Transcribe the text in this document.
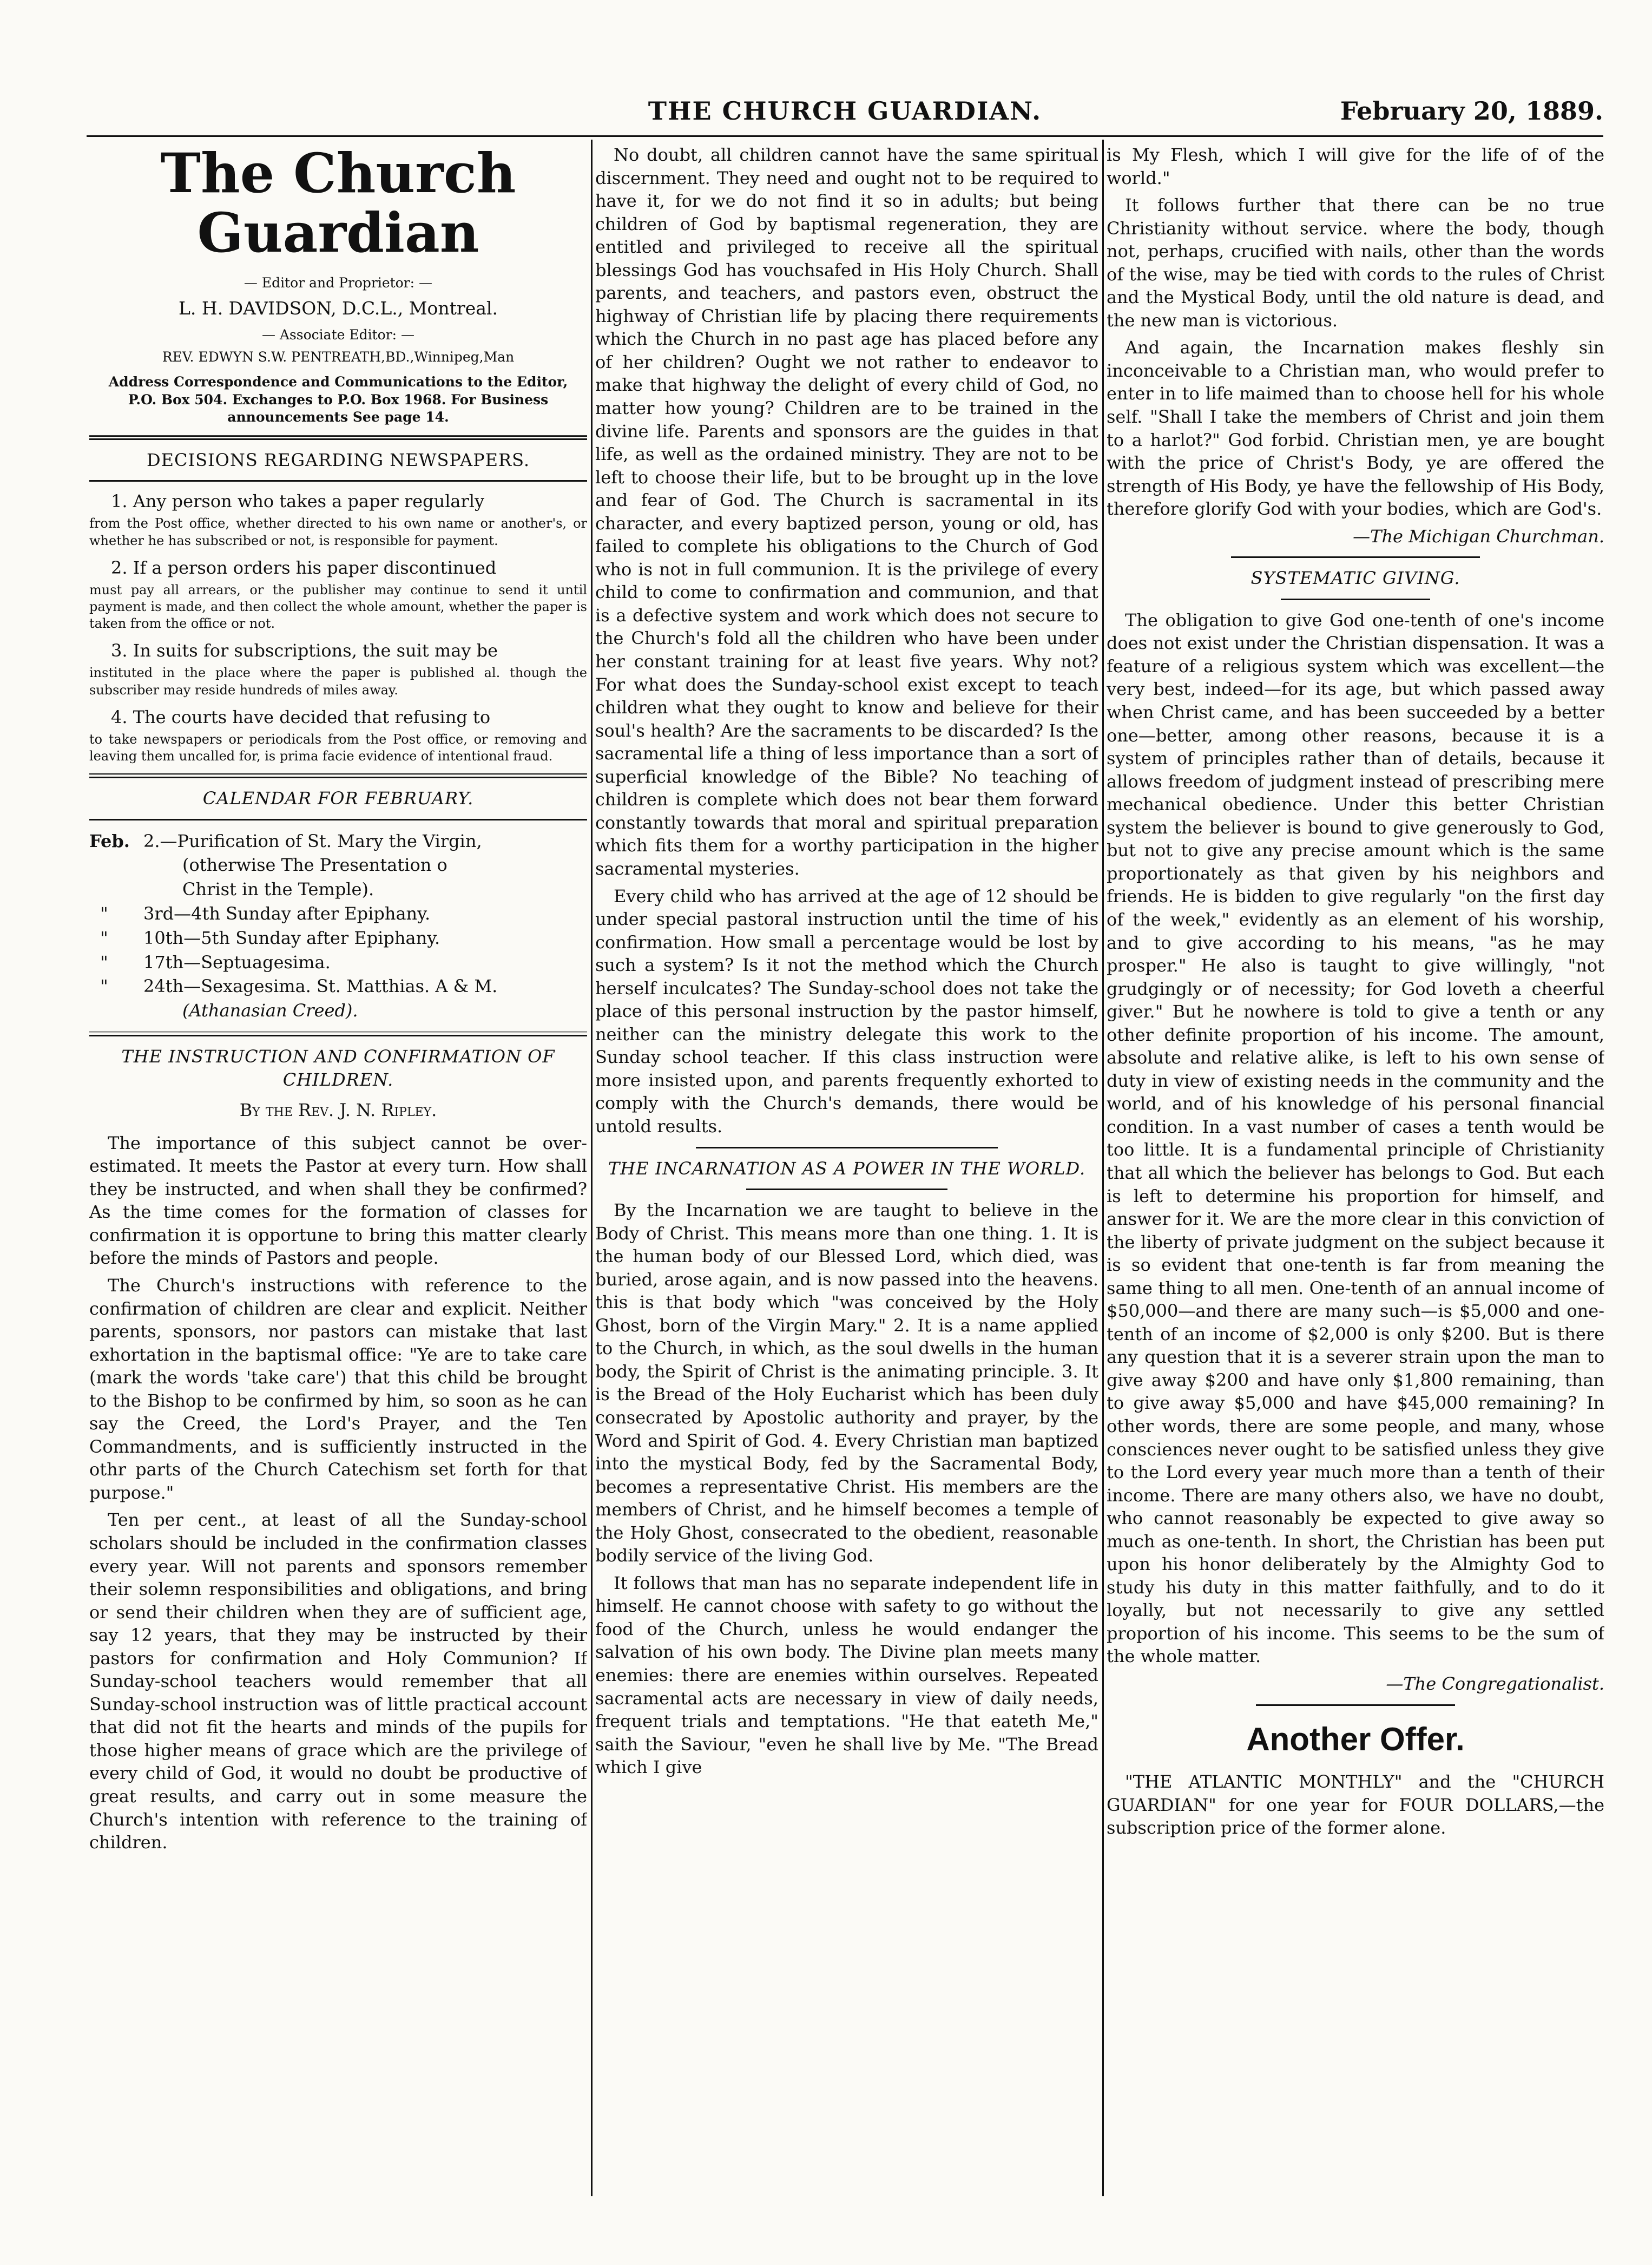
THE CHURCH GUARDIAN.	February 20, 1889.
The Church Guardian
— Editor and Proprietor: —
L. H. DAVIDSON, D.C.L., Montreal.
— Associate Editor: —
REV. EDWYN S.W. PENTREATH,BD.,Winnipeg,Man
Address Correspondence and Communications to the Editor, P.O. Box 504. Exchanges to P.O. Box 1968. For Business announcements See page 14.
DECISIONS REGARDING NEWSPAPERS.
1. Any person who takes a paper regularly
from the Post office, whether directed to his own name or another's, or whether he has subscribed or not, is responsible for payment.
2. If a person orders his paper discontinued
must pay all arrears, or the publisher may continue to send it until payment is made, and then collect the whole amount, whether the paper is taken from the office or not.
3. In suits for subscriptions, the suit may be
instituted in the place where the paper is published al. though the subscriber may reside hundreds of miles away.
4. The courts have decided that refusing to
to take newspapers or periodicals from the Post office, or removing and leaving them uncalled for, is prima facie evidence of intentional fraud.
CALENDAR FOR FEBRUARY.
Feb. 2.—Purification of St. Mary the Virgin,
(otherwise The Presentation o
Christ in the Temple).
"	3rd—4th Sunday after Epiphany.
"	10th—5th Sunday after Epiphany.
"	17th—Septuagesima.
"	24th—Sexagesima. St. Matthias. A & M.
(Athanasian Creed).
THE INSTRUCTION AND CONFIRMATION OF CHILDREN.
By the Rev. J. N. Ripley.

The importance of this subject cannot be over-estimated. It meets the Pastor at every turn. How shall they be instructed, and when shall they be confirmed? As the time comes for the formation of classes for confirmation it is opportune to bring this matter clearly before the minds of Pastors and people.

The Church's instructions with reference to the confirmation of children are clear and explicit. Neither parents, sponsors, nor pastors can mistake that last exhortation in the baptismal office: "Ye are to take care (mark the words 'take care') that this child be brought to the Bishop to be confirmed by him, so soon as he can say the Creed, the Lord's Prayer, and the Ten Commandments, and is sufficiently instructed in the othr parts of the Church Catechism set forth for that purpose."

Ten per cent., at least of all the Sunday-school scholars should be included in the confirmation classes every year. Will not parents and sponsors remember their solemn responsibilities and obligations, and bring or send their children when they are of sufficient age, say 12 years, that they may be instructed by their pastors for confirmation and Holy Communion? If Sunday-school teachers would remember that all Sunday-school instruction was of little practical account that did not fit the hearts and minds of the pupils for those higher means of grace which are the privilege of every child of God, it would no doubt be productive of great results, and carry out in some measure the Church's intention with reference to the training of children.

No doubt, all children cannot have the same spiritual discernment. They need and ought not to be required to have it, for we do not find it so in adults; but being children of God by baptismal regeneration, they are entitled and privileged to receive all the spiritual blessings God has vouchsafed in His Holy Church. Shall parents, and teachers, and pastors even, obstruct the highway of Christian life by placing there requirements which the Church in no past age has placed before any of her children? Ought we not rather to endeavor to make that highway the delight of every child of God, no matter how young? Children are to be trained in the divine life. Parents and sponsors are the guides in that life, as well as the ordained ministry. They are not to be left to choose their life, but to be brought up in the love and fear of God. The Church is sacramental in its character, and every baptized person, young or old, has failed to complete his obligations to the Church of God who is not in full communion. It is the privilege of every child to come to confirmation and communion, and that is a defective system and work which does not secure to the Church's fold all the children who have been under her constant training for at least five years. Why not? For what does the Sunday-school exist except to teach children what they ought to know and believe for their soul's health? Are the sacraments to be discarded? Is the sacramental life a thing of less importance than a sort of superficial knowledge of the Bible? No teaching of children is complete which does not bear them forward constantly towards that moral and spiritual preparation which fits them for a worthy participation in the higher sacramental mysteries.

Every child who has arrived at the age of 12 should be under special pastoral instruction until the time of his confirmation. How small a percentage would be lost by such a system? Is it not the method which the Church herself inculcates? The Sunday-school does not take the place of this personal instruction by the pastor himself, neither can the ministry delegate this work to the Sunday school teacher. If this class instruction were more insisted upon, and parents frequently exhorted to comply with the Church's demands, there would be untold results.

THE INCARNATION AS A POWER IN THE WORLD.

By the Incarnation we are taught to believe in the Body of Christ. This means more than one thing. 1. It is the human body of our Blessed Lord, which died, was buried, arose again, and is now passed into the heavens. this is that body which "was conceived by the Holy Ghost, born of the Virgin Mary." 2. It is a name applied to the Church, in which, as the soul dwells in the human body, the Spirit of Christ is the animating principle. 3. It is the Bread of the Holy Eucharist which has been duly consecrated by Apostolic authority and prayer, by the Word and Spirit of God. 4. Every Christian man baptized into the mystical Body, fed by the Sacramental Body, becomes a representative Christ. His members are the members of Christ, and he himself becomes a temple of the Holy Ghost, consecrated to the obedient, reasonable bodily service of the living God.

It follows that man has no separate independent life in himself. He cannot choose with safety to go without the food of the Church, unless he would endanger the salvation of his own body. The Divine plan meets many enemies: there are enemies within ourselves. Repeated sacramental acts are necessary in view of daily needs, frequent trials and temptations. "He that eateth Me," saith the Saviour, "even he shall live by Me. "The Bread which I give

is My Flesh, which I will give for the life of of the world."

It follows further that there can be no true Christianity without service. where the body, though not, perhaps, crucified with nails, other than the words of the wise, may be tied with cords to the rules of Christ and the Mystical Body, until the old nature is dead, and the new man is victorious.

And again, the Incarnation makes fleshly sin inconceivable to a Christian man, who would prefer to enter in to life maimed than to choose hell for his whole self. "Shall I take the members of Christ and join them to a harlot?" God forbid. Christian men, ye are bought with the price of Christ's Body, ye are offered the strength of His Body, ye have the fellowship of His Body, therefore glorify God with your bodies, which are God's.

—The Michigan Churchman.
SYSTEMATIC GIVING.

The obligation to give God one-tenth of one's income does not exist under the Christian dispensation. It was a feature of a religious system which was excellent—the very best, indeed—for its age, but which passed away when Christ came, and has been succeeded by a better one—better, among other reasons, because it is a system of principles rather than of details, because it allows freedom of judgment instead of prescribing mere mechanical obedience. Under this better Christian system the believer is bound to give generously to God, but not to give any precise amount which is the same proportionately as that given by his neighbors and friends. He is bidden to give regularly "on the first day of the week," evidently as an element of his worship, and to give according to his means, "as he may prosper." He also is taught to give willingly, "not grudgingly or of necessity; for God loveth a cheerful giver." But he nowhere is told to give a tenth or any other definite proportion of his income. The amount, absolute and relative alike, is left to his own sense of duty in view of existing needs in the community and the world, and of his knowledge of his personal financial condition. In a vast number of cases a tenth would be too little. It is a fundamental principle of Christianity that all which the believer has belongs to God. But each is left to determine his proportion for himself, and answer for it. We are the more clear in this conviction of the liberty of private judgment on the subject because it is so evident that one-tenth is far from meaning the same thing to all men. One-tenth of an annual income of $50,000—and there are many such—is $5,000 and one-tenth of an income of $2,000 is only $200. But is there any question that it is a severer strain upon the man to give away $200 and have only $1,800 remaining, than to give away $5,000 and have $45,000 remaining? In other words, there are some people, and many, whose consciences never ought to be satisfied unless they give to the Lord every year much more than a tenth of their income. There are many others also, we have no doubt, who cannot reasonably be expected to give away so much as one-tenth. In short, the Christian has been put upon his honor deliberately by the Almighty God to study his duty in this matter faithfully, and to do it loyally, but not necessarily to give any settled proportion of his income. This seems to be the sum of the whole matter.

—The Congregationalist.
Another Offer.

"THE ATLANTIC MONTHLY" and the "CHURCH GUARDIAN" for one year for FOUR DOLLARS,—the subscription price of the former alone.
